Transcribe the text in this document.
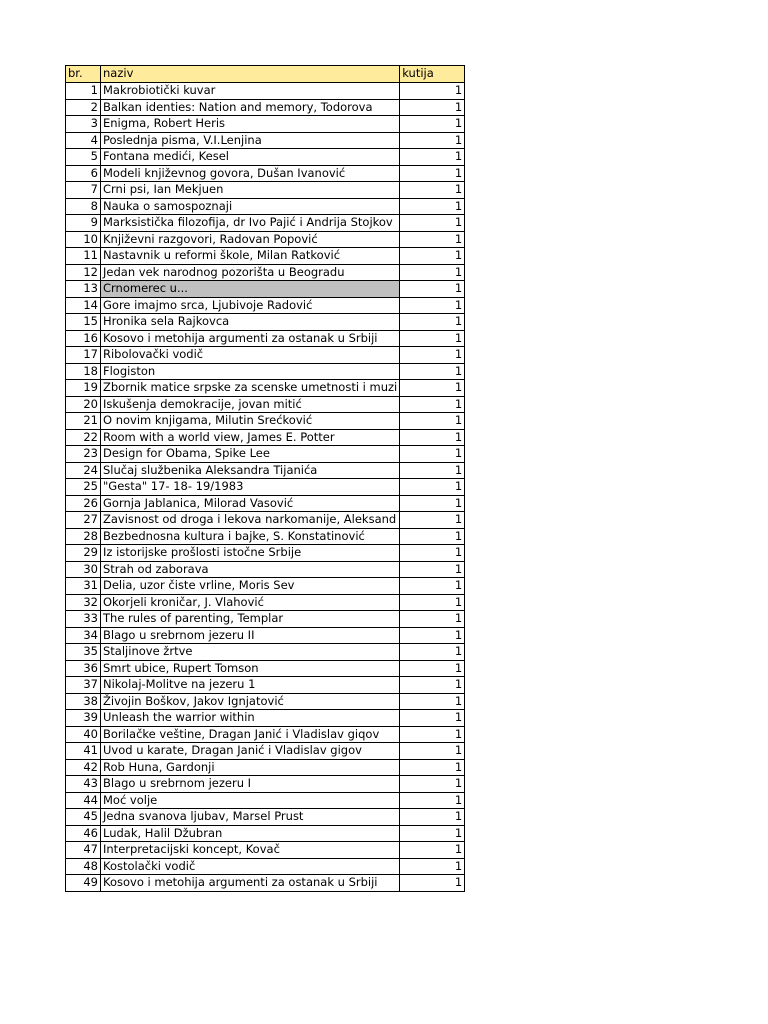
br.	naziv	kutija
1	Makrobiotički kuvar	1
2	Balkan identies: Nation and memory, Todorova	1
3	Enigma, Robert Heris	1
4	Poslednja pisma, V.I.Lenjina	1
5	Fontana medići, Kesel	1
6	Modeli književnog govora, Dušan Ivanović	1
7	Crni psi, Ian Mekjuen	1
8	Nauka o samospoznaji	1
9	Marksistička filozofija, dr Ivo Pajić i Andrija Stojkov	1
10	Književni razgovori, Radovan Popović	1
11	Nastavnik u reformi škole, Milan Ratković	1
12	Jedan vek narodnog pozorišta u Beogradu	1
13	Crnomerec u...	1
14	Gore imajmo srca, Ljubivoje Radović	1
15	Hronika sela Rajkovca	1
16	Kosovo i metohija argumenti za ostanak u Srbiji	1
17	Ribolovački vodič	1
18	Flogiston	1
19	Zbornik matice srpske za scenske umetnosti i muzi	1
20	Iskušenja demokracije, jovan mitić	1
21	O novim knjigama, Milutin Srećković	1
22	Room with a world view, James E. Potter	1
23	Design for Obama, Spike Lee	1
24	Slučaj službenika Aleksandra Tijanića	1
25	"Gesta" 17- 18- 19/1983	1
26	Gornja Jablanica, Milorad Vasović	1
27	Zavisnost od droga i lekova narkomanije, Aleksand	1
28	Bezbednosna kultura i bajke, S. Konstatinović	1
29	Iz istorijske prošlosti istočne Srbije	1
30	Strah od zaborava	1
31	Delia, uzor čiste vrline, Moris Sev	1
32	Okorjeli kroničar, J. Vlahović	1
33	The rules of parenting, Templar	1
34	Blago u srebrnom jezeru II	1
35	Staljinove žrtve	1
36	Smrt ubice, Rupert Tomson	1
37	Nikolaj-Molitve na jezeru 1	1
38	Živojin Boškov, Jakov Ignjatović	1
39	Unleash the warrior within	1
40	Borilačke veštine, Dragan Janić i Vladislav giqov	1
41	Uvod u karate, Dragan Janić i Vladislav gigov	1
42	Rob Huna, Gardonji	1
43	Blago u srebrnom jezeru I	1
44	Moć volje	1
45	Jedna svanova ljubav, Marsel Prust	1
46	Ludak, Halil Džubran	1
47	Interpretacijski koncept, Kovač	1
48	Kostolački vodič	1
49	Kosovo i metohija argumenti za ostanak u Srbiji	1
